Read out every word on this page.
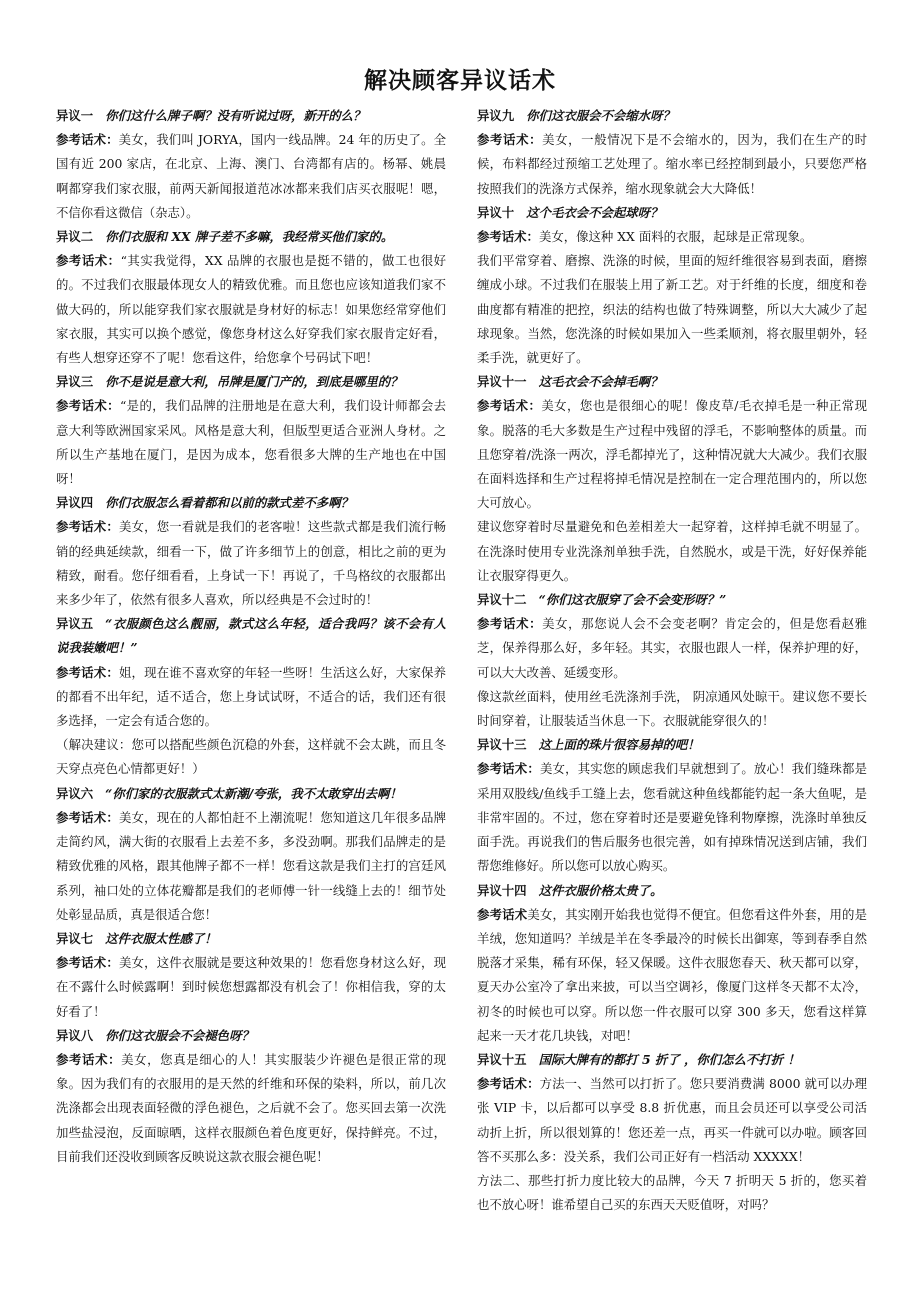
解决顾客异议话术

异议一 你们这什么牌子啊？没有听说过呀，新开的么？

参考话术：美女，我们叫 JORYA，国内一线品牌。24 年的历史了。全国有近 200 家店，在北京、上海、澳门、台湾都有店的。杨幂、姚晨啊都穿我们家衣服，前两天新闻报道范冰冰都来我们店买衣服呢！嗯，不信你看这微信（杂志）。

异议二 你们衣服和 XX 牌子差不多嘛，我经常买他们家的。

参考话术：“其实我觉得，XX 品牌的衣服也是挺不错的，做工也很好的。不过我们衣服最体现女人的精致优雅。而且您也应该知道我们家不做大码的，所以能穿我们家衣服就是身材好的标志！如果您经常穿他们家衣服，其实可以换个感觉，像您身材这么好穿我们家衣服肯定好看，有些人想穿还穿不了呢！您看这件，给您拿个号码试下吧！

异议三 你不是说是意大利，吊牌是厦门产的，到底是哪里的？

参考话术：“是的，我们品牌的注册地是在意大利，我们设计师都会去意大利等欧洲国家采风。风格是意大利，但版型更适合亚洲人身材。之所以生产基地在厦门，是因为成本，您看很多大牌的生产地也在中国呀！

异议四 你们衣服怎么看着都和以前的款式差不多啊？

参考话术：美女，您一看就是我们的老客啦！这些款式都是我们流行畅销的经典延续款，细看一下，做了许多细节上的创意，相比之前的更为精致，耐看。您仔细看看，上身试一下！再说了，千鸟格纹的衣服都出来多少年了，依然有很多人喜欢，所以经典是不会过时的！

异议五 “衣服颜色这么靓丽，款式这么年轻，适合我吗？该不会有人说我装嫩吧！”

参考话术：姐，现在谁不喜欢穿的年轻一些呀！生活这么好，大家保养的都看不出年纪，适不适合，您上身试试呀，不适合的话，我们还有很多选择，一定会有适合您的。

（解决建议：您可以搭配些颜色沉稳的外套，这样就不会太跳，而且冬天穿点亮色心情都更好！）

异议六 “你们家的衣服款式太新潮/夸张，我不太敢穿出去啊！

参考话术：美女，现在的人都怕赶不上潮流呢！您知道这几年很多品牌走简约风，满大街的衣服看上去差不多，多没劲啊。那我们品牌走的是精致优雅的风格，跟其他牌子都不一样！您看这款是我们主打的宫廷风系列，袖口处的立体花瓣都是我们的老师傅一针一线缝上去的！细节处处彰显品质，真是很适合您！

异议七 这件衣服太性感了！

参考话术：美女，这件衣服就是要这种效果的！您看您身材这么好，现在不露什么时候露啊！到时候您想露都没有机会了！你相信我，穿的太好看了！

异议八 你们这衣服会不会褪色呀？

参考话术：美女，您真是细心的人！其实服装少许褪色是很正常的现象。因为我们有的衣服用的是天然的纤维和环保的染料，所以，前几次洗涤都会出现表面轻微的浮色褪色，之后就不会了。您买回去第一次洗加些盐浸泡，反面晾晒，这样衣服颜色着色度更好，保持鲜亮。不过，目前我们还没收到顾客反映说这款衣服会褪色呢！

异议九 你们这衣服会不会缩水呀？

参考话术：美女，一般情况下是不会缩水的，因为，我们在生产的时候，布料都经过预缩工艺处理了。缩水率已经控制到最小，只要您严格按照我们的洗涤方式保养，缩水现象就会大大降低！

异议十 这个毛衣会不会起球呀？

参考话术：美女，像这种 XX 面料的衣服，起球是正常现象。

我们平常穿着、磨擦、洗涤的时候，里面的短纤维很容易到表面，磨擦缠成小球。不过我们在服装上用了新工艺。对于纤维的长度，细度和卷曲度都有精准的把控，织法的结构也做了特殊调整，所以大大减少了起球现象。当然，您洗涤的时候如果加入一些柔顺剂，将衣服里朝外，轻柔手洗，就更好了。

异议十一 这毛衣会不会掉毛啊？

参考话术：美女，您也是很细心的呢！像皮草/毛衣掉毛是一种正常现象。脱落的毛大多数是生产过程中残留的浮毛，不影响整体的质量。而且您穿着/洗涤一两次，浮毛都掉光了，这种情况就大大减少。我们衣服在面料选择和生产过程将掉毛情况是控制在一定合理范围内的，所以您大可放心。

建议您穿着时尽量避免和色差相差大一起穿着，这样掉毛就不明显了。在洗涤时使用专业洗涤剂单独手洗，自然脱水，或是干洗，好好保养能让衣服穿得更久。

异议十二 “你们这衣服穿了会不会变形呀？”

参考话术：美女，那您说人会不会变老啊？肯定会的，但是您看赵雅芝，保养得那么好，多年轻。其实，衣服也跟人一样，保养护理的好，可以大大改善、延缓变形。

像这款丝面料，使用丝毛洗涤剂手洗， 阴凉通风处晾干。建议您不要长时间穿着，让服装适当休息一下。衣服就能穿很久的！

异议十三 这上面的珠片很容易掉的吧！

参考话术：美女，其实您的顾虑我们早就想到了。放心！我们缝珠都是采用双股线/鱼线手工缝上去，您看就这种鱼线都能钓起一条大鱼呢，是非常牢固的。不过，您在穿着时还是要避免锋利物摩擦，洗涤时单独反面手洗。再说我们的售后服务也很完善，如有掉珠情况送到店铺，我们帮您维修好。所以您可以放心购买。

异议十四 这件衣服价格太贵了。

参考话术美女，其实刚开始我也觉得不便宜。但您看这件外套，用的是羊绒，您知道吗？羊绒是羊在冬季最冷的时候长出御寒，等到春季自然脱落才采集，稀有环保，轻又保暖。这件衣服您春天、秋天都可以穿，夏天办公室冷了拿出来披，可以当空调衫，像厦门这样冬天都不太冷，初冬的时候也可以穿。所以您一件衣服可以穿 300 多天，您看这样算起来一天才花几块钱，对吧！

异议十五 国际大牌有的都打 5 折了 ，你们怎么不打折 ！

参考话术：方法一、当然可以打折了。您只要消费满 8000 就可以办理张 VIP 卡，以后都可以享受 8.8 折优惠，而且会员还可以享受公司活动折上折，所以很划算的！您还差一点，再买一件就可以办啦。顾客回答不买那么多：没关系，我们公司正好有一档活动 XXXXX！

方法二、那些打折力度比较大的品牌，今天 7 折明天 5 折的，您买着也不放心呀！谁希望自己买的东西天天贬值呀，对吗？
